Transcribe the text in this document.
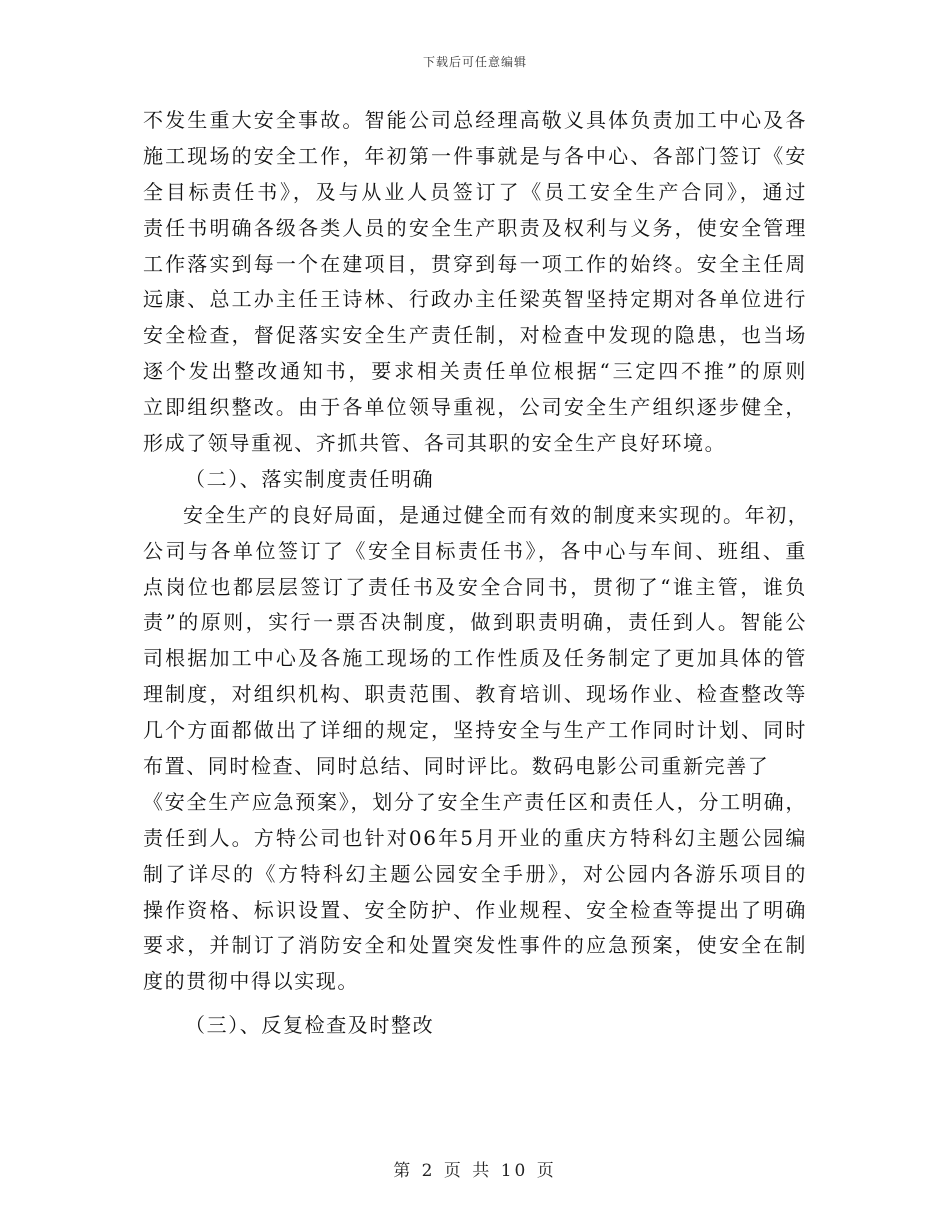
下载后可任意编辑
不发生重大安全事故。智能公司总经理高敬义具体负责加工中心及各
施工现场的安全工作，年初第一件事就是与各中心、各部门签订《安
全目标责任书》，及与从业人员签订了《员工安全生产合同》，通过
责任书明确各级各类人员的安全生产职责及权利与义务，使安全管理
工作落实到每一个在建项目，贯穿到每一项工作的始终。安全主任周
远康、总工办主任王诗林、行政办主任梁英智坚持定期对各单位进行
安全检查，督促落实安全生产责任制，对检查中发现的隐患，也当场
逐个发出整改通知书，要求相关责任单位根据“三定四不推”的原则
立即组织整改。由于各单位领导重视，公司安全生产组织逐步健全，
形成了领导重视、齐抓共管、各司其职的安全生产良好环境。
（二）、落实制度责任明确
安全生产的良好局面，是通过健全而有效的制度来实现的。年初，
公司与各单位签订了《安全目标责任书》，各中心与车间、班组、重
点岗位也都层层签订了责任书及安全合同书，贯彻了“谁主管，谁负
责”的原则，实行一票否决制度，做到职责明确，责任到人。智能公
司根据加工中心及各施工现场的工作性质及任务制定了更加具体的管
理制度，对组织机构、职责范围、教育培训、现场作业、检查整改等
几个方面都做出了详细的规定，坚持安全与生产工作同时计划、同时
布置、同时检查、同时总结、同时评比。数码电影公司重新完善了
《安全生产应急预案》，划分了安全生产责任区和责任人，分工明确，
责任到人。方特公司也针对06年5月开业的重庆方特科幻主题公园编
制了详尽的《方特科幻主题公园安全手册》，对公园内各游乐项目的
操作资格、标识设置、安全防护、作业规程、安全检查等提出了明确
要求，并制订了消防安全和处置突发性事件的应急预案，使安全在制
度的贯彻中得以实现。
（三）、反复检查及时整改
第 2 页 共 10 页
